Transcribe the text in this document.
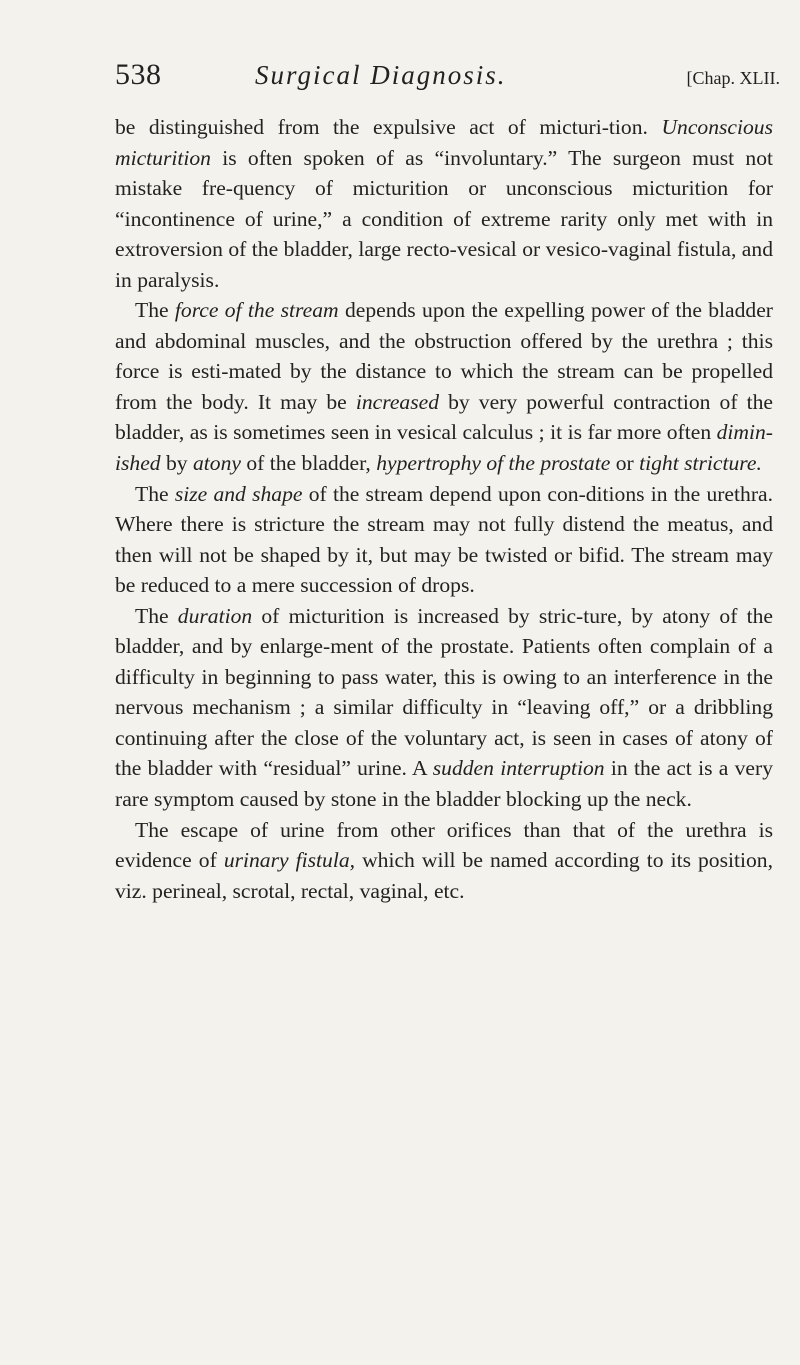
538	Surgical Diagnosis.	[Chap. XLII.

be distinguished from the expulsive act of micturi-tion. Unconscious micturition is often spoken of as “involuntary.” The surgeon must not mistake fre-quency of micturition or unconscious micturition for “incontinence of urine,” a condition of extreme rarity only met with in extroversion of the bladder, large recto-vesical or vesico-vaginal fistula, and in paralysis.

The force of the stream depends upon the expelling power of the bladder and abdominal muscles, and the obstruction offered by the urethra ; this force is esti-mated by the distance to which the stream can be propelled from the body. It may be increased by very powerful contraction of the bladder, as is sometimes seen in vesical calculus ; it is far more often dimin-ished by atony of the bladder, hypertrophy of the prostate or tight stricture.

The size and shape of the stream depend upon con-ditions in the urethra. Where there is stricture the stream may not fully distend the meatus, and then will not be shaped by it, but may be twisted or bifid. The stream may be reduced to a mere succession of drops.

The duration of micturition is increased by stric-ture, by atony of the bladder, and by enlarge-ment of the prostate. Patients often complain of a difficulty in beginning to pass water, this is owing to an interference in the nervous mechanism ; a similar difficulty in “leaving off,” or a dribbling continuing after the close of the voluntary act, is seen in cases of atony of the bladder with “residual” urine. A sudden interruption in the act is a very rare symptom caused by stone in the bladder blocking up the neck.

The escape of urine from other orifices than that of the urethra is evidence of urinary fistula, which will be named according to its position, viz. perineal, scrotal, rectal, vaginal, etc.
